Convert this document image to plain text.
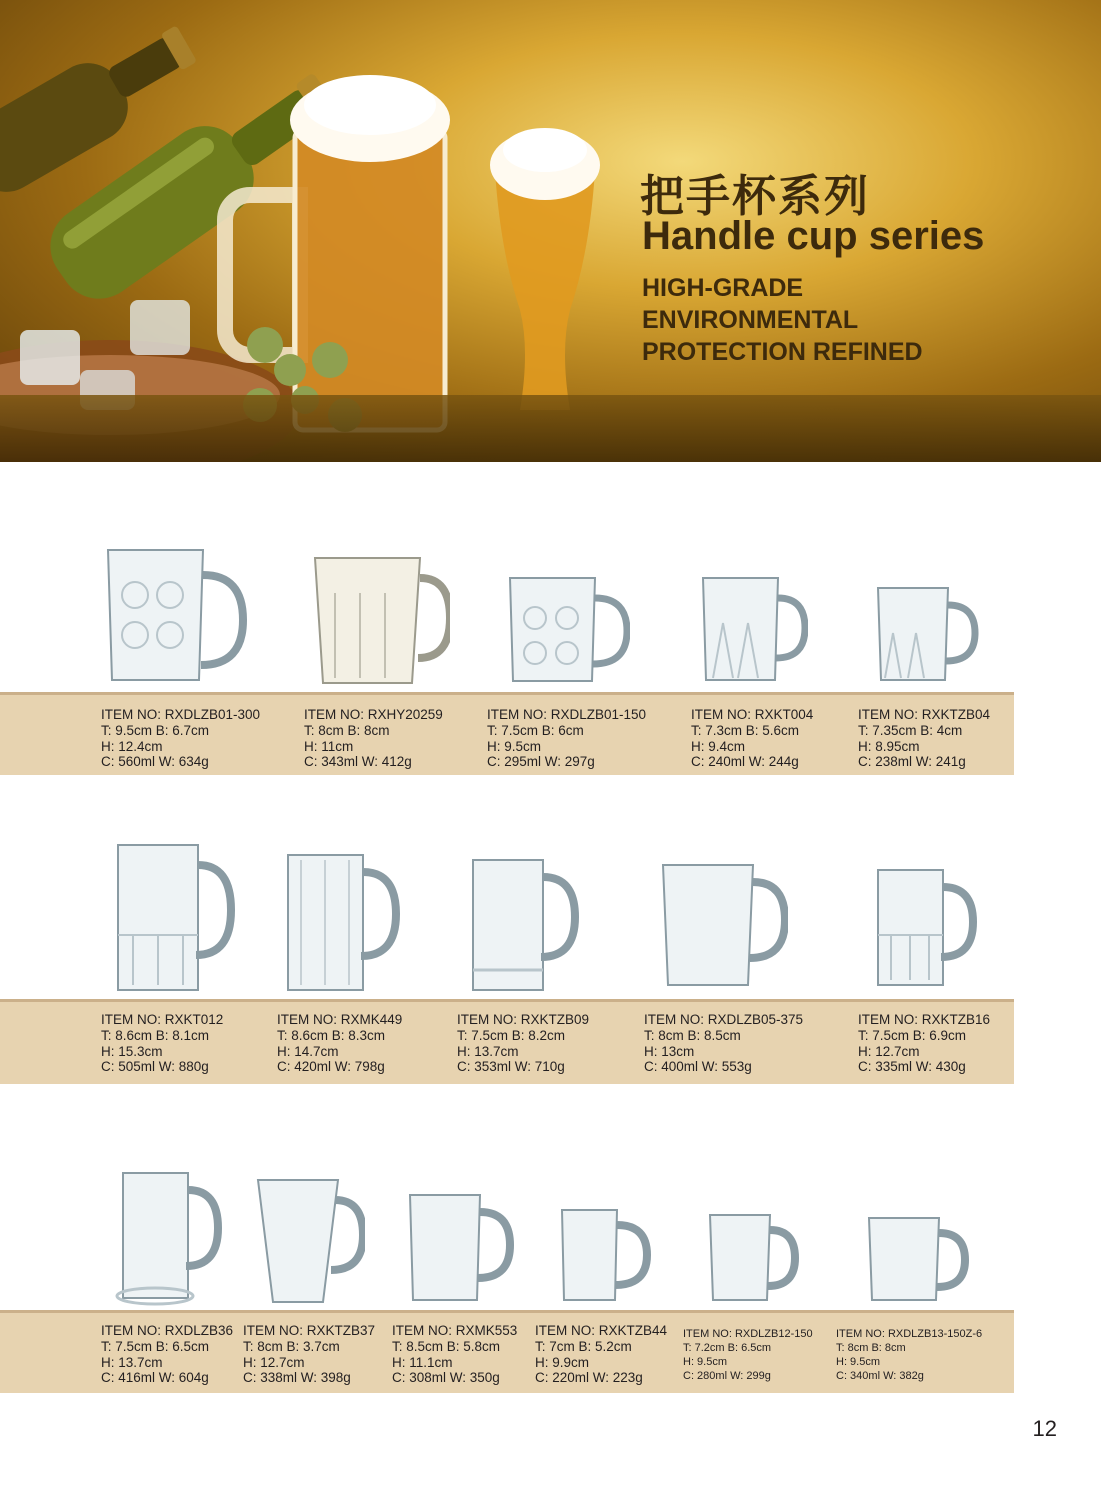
把手杯系列
Handle cup series
HIGH-GRADE
ENVIRONMENTAL
PROTECTION REFINED
ITEM NO: RXDLZB01-300
T: 9.5cm B: 6.7cm
H: 12.4cm
C: 560ml W: 634g
ITEM NO: RXHY20259
T: 8cm B: 8cm
H: 11cm
C: 343ml W: 412g
ITEM NO: RXDLZB01-150
T: 7.5cm B: 6cm
H: 9.5cm
C: 295ml W: 297g
ITEM NO: RXKT004
T: 7.3cm B: 5.6cm
H: 9.4cm
C: 240ml W: 244g
ITEM NO: RXKTZB04
T: 7.35cm B: 4cm
H: 8.95cm
C: 238ml W: 241g
ITEM NO: RXKT012
T: 8.6cm B: 8.1cm
H: 15.3cm
C: 505ml W: 880g
ITEM NO: RXMK449
T: 8.6cm B: 8.3cm
H: 14.7cm
C: 420ml W: 798g
ITEM NO: RXKTZB09
T: 7.5cm B: 8.2cm
H: 13.7cm
C: 353ml W: 710g
ITEM NO: RXDLZB05-375
T: 8cm B: 8.5cm
H: 13cm
C: 400ml W: 553g
ITEM NO: RXKTZB16
T: 7.5cm B: 6.9cm
H: 12.7cm
C: 335ml W: 430g
ITEM NO: RXDLZB36
T: 7.5cm B: 6.5cm
H: 13.7cm
C: 416ml W: 604g
ITEM NO: RXKTZB37
T: 8cm B: 3.7cm
H: 12.7cm
C: 338ml W: 398g
ITEM NO: RXMK553
T: 8.5cm B: 5.8cm
H: 11.1cm
C: 308ml W: 350g
ITEM NO: RXKTZB44
T: 7cm B: 5.2cm
H: 9.9cm
C: 220ml W: 223g
ITEM NO: RXDLZB12-150
T: 7.2cm B: 6.5cm
H: 9.5cm
C: 280ml W: 299g
ITEM NO: RXDLZB13-150Z-6
T: 8cm B: 8cm
H: 9.5cm
C: 340ml W: 382g
12
